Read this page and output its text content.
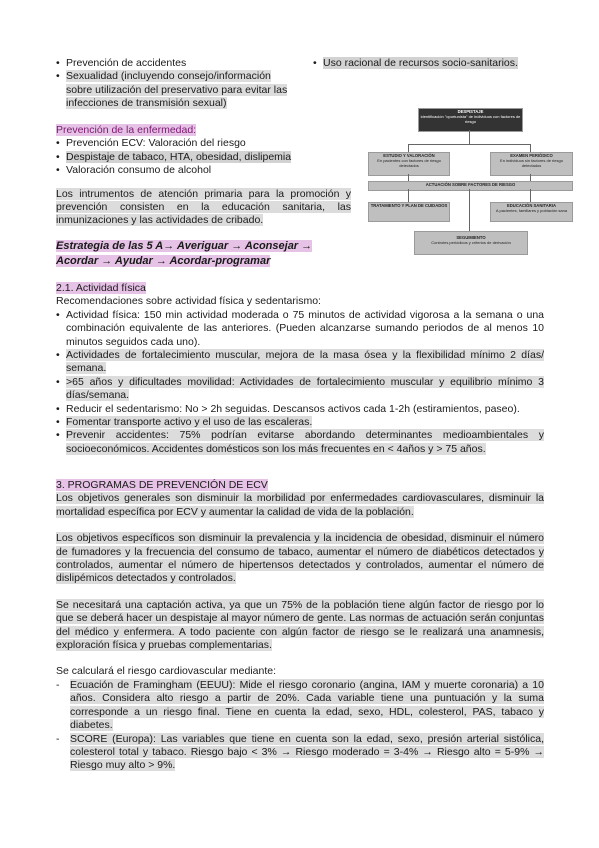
• Prevención de accidentes
• Sexualidad (incluyendo consejo/información sobre utilización del preservativo para evitar las infecciones de transmisión sexual)
• Uso racional de recursos socio-sanitarios.
Prevención de la enfermedad:
• Prevención ECV: Valoración del riesgo
• Despistaje de tabaco, HTA, obesidad, dislipemia
• Valoración consumo de alcohol

Los intrumentos de atención primaria para la promoción y prevención consisten en la educación sanitaria, las inmunizaciones y las actividades de cribado.

Estrategia de las 5 A→ Averiguar → Aconsejar →
Acordar → Ayudar → Acordar-programar
DESPISTAJE
identificación "oportunista" de individuos con factores de riesgo
ESTUDIO Y VALORACIÓN
En pacientes con factores de riesgo detectados
EXAMEN PERIÓDICO
En individuos sin factores de riesgo detectados
ACTUACIÓN SOBRE FACTORES DE RIESGO
TRATAMIENTO Y PLAN DE CUIDADOS	EDUCACIÓN SANITARIA
A pacientes, familiares y población sana
SEGUIMIENTO
Controles periódicos y criterios de derivación
2.1. Actividad física
Recomendaciones sobre actividad física y sedentarismo:
• Actividad física: 150 min actividad moderada o 75 minutos de actividad vigorosa a la semana o una combinación equivalente de las anteriores. (Pueden alcanzarse sumando periodos de al menos 10 minutos seguidos cada uno).
• Actividades de fortalecimiento muscular, mejora de la masa ósea y la flexibilidad mínimo 2 días/ semana.
• >65 años y dificultades movilidad: Actividades de fortalecimiento muscular y equilibrio mínimo 3 días/semana.
• Reducir el sedentarismo: No > 2h seguidas. Descansos activos cada 1-2h (estiramientos, paseo).
• Fomentar transporte activo y el uso de las escaleras.
• Prevenir accidentes: 75% podrían evitarse abordando determinantes medioambientales y socioeconómicos. Accidentes domésticos son los más frecuentes en < 4años y > 75 años.
3. PROGRAMAS DE PREVENCIÓN DE ECV

Los objetivos generales son disminuir la morbilidad por enfermedades cardiovasculares, disminuir la mortalidad específica por ECV y aumentar la calidad de vida de la población.

Los objetivos específicos son disminuir la prevalencia y la incidencia de obesidad, disminuir el número de fumadores y la frecuencia del consumo de tabaco, aumentar el número de diabéticos detectados y controlados, aumentar el número de hipertensos detectados y controlados, aumentar el número de dislipémicos detectados y controlados.

Se necesitará una captación activa, ya que un 75% de la población tiene algún factor de riesgo por lo que se deberá hacer un despistaje al mayor número de gente. Las normas de actuación serán conjuntas del médico y enfermera. A todo paciente con algún factor de riesgo se le realizará una anamnesis, exploración física y pruebas complementarias.

Se calculará el riesgo cardiovascular mediante:

- Ecuación de Framingham (EEUU): Mide el riesgo coronario (angina, IAM y muerte coronaria) a 10 años. Considera alto riesgo a partir de 20%. Cada variable tiene una puntuación y la suma corresponde a un riesgo final. Tiene en cuenta la edad, sexo, HDL, colesterol, PAS, tabaco y diabetes.
- SCORE (Europa): Las variables que tiene en cuenta son la edad, sexo, presión arterial sistólica, colesterol total y tabaco. Riesgo bajo < 3% → Riesgo moderado = 3-4% → Riesgo alto = 5-9% → Riesgo muy alto > 9%.
